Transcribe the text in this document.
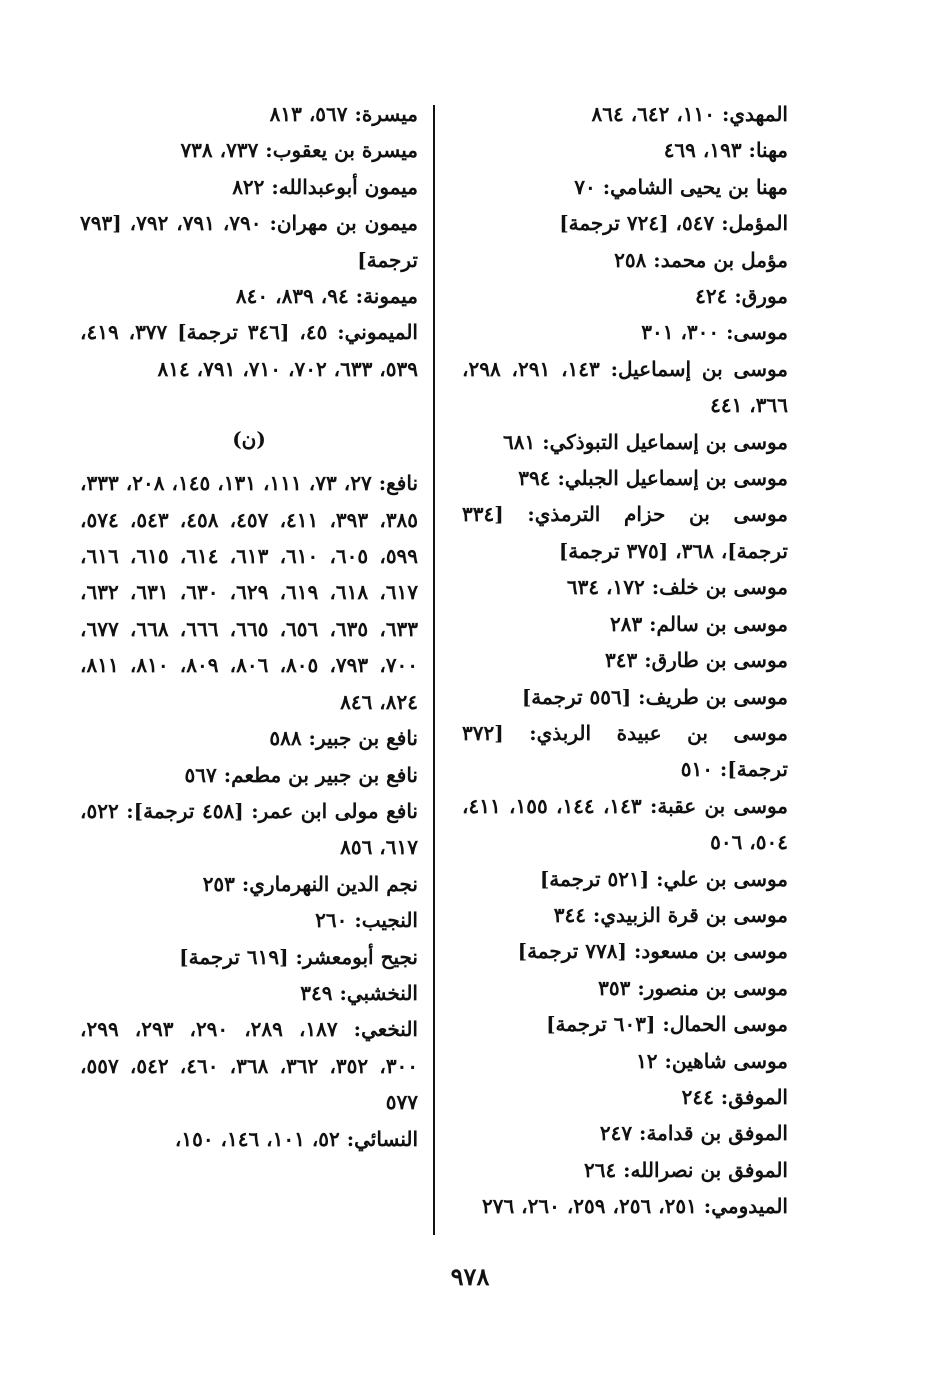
المهدي: ١١٠، ٦٤٢، ٨٦٤
مهنا: ١٩٣، ٤٦٩
مهنا بن يحيى الشامي: ٧٠
المؤمل: ٥٤٧، [٧٢٤ ترجمة]
مؤمل بن محمد: ٢٥٨
مورق: ٤٢٤
موسى: ٣٠٠، ٣٠١
موسى بن إسماعيل: ١٤٣، ٢٩١، ٢٩٨، ٣٦٦، ٤٤١
موسى بن إسماعيل التبوذكي: ٦٨١
موسى بن إسماعيل الجبلي: ٣٩٤
موسى بن حزام الترمذي: [٣٣٤ ترجمة]، ٣٦٨، [٣٧٥ ترجمة]
موسى بن خلف: ١٧٢، ٦٣٤
موسى بن سالم: ٢٨٣
موسى بن طارق: ٣٤٣
موسى بن طريف: [٥٥٦ ترجمة]
موسى بن عبيدة الربذي: [٣٧٢ ترجمة]: ٥١٠
موسى بن عقبة: ١٤٣، ١٤٤، ١٥٥، ٤١١، ٥٠٤، ٥٠٦
موسى بن علي: [٥٢١ ترجمة]
موسى بن قرة الزبيدي: ٣٤٤
موسى بن مسعود: [٧٧٨ ترجمة]
موسى بن منصور: ٣٥٣
موسى الحمال: [٦٠٣ ترجمة]
موسى شاهين: ١٢
الموفق: ٢٤٤
الموفق بن قدامة: ٢٤٧
الموفق بن نصرالله: ٢٦٤
الميدومي: ٢٥١، ٢٥٦، ٢٥٩، ٢٦٠، ٢٧٦
ميسرة: ٥٦٧، ٨١٣
ميسرة بن يعقوب: ٧٣٧، ٧٣٨
ميمون أبوعبدالله: ٨٢٢
ميمون بن مهران: ٧٩٠، ٧٩١، ٧٩٢، [٧٩٣ ترجمة]
ميمونة: ٩٤، ٨٣٩، ٨٤٠
الميموني: ٤٥، [٣٤٦ ترجمة] ٣٧٧، ٤١٩، ٥٣٩، ٦٣٣، ٧٠٢، ٧١٠، ٧٩١، ٨١٤
(ن)
نافع: ٢٧، ٧٣، ١١١، ١٣١، ١٤٥، ٢٠٨، ٣٣٣، ٣٨٥، ٣٩٣، ٤١١، ٤٥٧، ٤٥٨، ٥٤٣، ٥٧٤، ٥٩٩، ٦٠٥، ٦١٠، ٦١٣، ٦١٤، ٦١٥، ٦١٦، ٦١٧، ٦١٨، ٦١٩، ٦٢٩، ٦٣٠، ٦٣١، ٦٣٢، ٦٣٣، ٦٣٥، ٦٥٦، ٦٦٥، ٦٦٦، ٦٦٨، ٦٧٧، ٧٠٠، ٧٩٣، ٨٠٥، ٨٠٦، ٨٠٩، ٨١٠، ٨١١، ٨٢٤، ٨٤٦
نافع بن جبير: ٥٨٨
نافع بن جبير بن مطعم: ٥٦٧
نافع مولى ابن عمر: [٤٥٨ ترجمة]: ٥٢٢، ٦١٧، ٨٥٦
نجم الدين النهرماري: ٢٥٣
النجيب: ٢٦٠
نجيح أبومعشر: [٦١٩ ترجمة]
النخشبي: ٣٤٩
النخعي: ١٨٧، ٢٨٩، ٢٩٠، ٢٩٣، ٢٩٩، ٣٠٠، ٣٥٢، ٣٦٢، ٣٦٨، ٤٦٠، ٥٤٢، ٥٥٧، ٥٧٧
النسائي: ٥٢، ١٠١، ١٤٦، ١٥٠،
٩٧٨
